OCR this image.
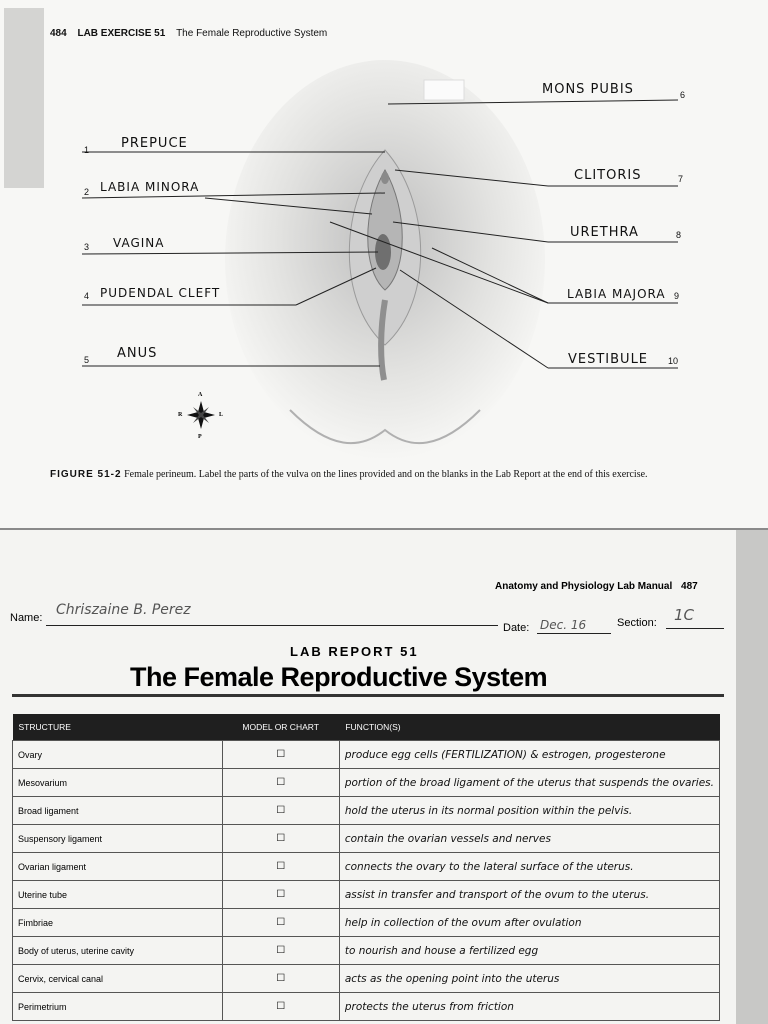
484 LAB EXERCISE 51 The Female Reproductive System
A
P
R	L
1 PREPUCE
2 LABIA MINORA
3 VAGINA
4 PUDENDAL CLEFT
5 ANUS
MONS PUBIS	6
CLITORIS	7
URETHRA	8
LABIA MAJORA 9
VESTIBULE 10
FIGURE 51-2 Female perineum. Label the parts of the vulva on the lines provided and on the blanks in the Lab Report at the end of this exercise.
Anatomy and Physiology Lab Manual 487
Name: Chriszaine B. Perez
Date: Dec. 16	Section: 1C
LAB REPORT 51
The Female Reproductive System
STRUCTURE	MODEL OR CHART	FUNCTION(S)
Ovary	☐	produce egg cells (FERTILIZATION) & estrogen, progesterone
Mesovarium	☐	portion of the broad ligament of the uterus that suspends the ovaries.
Broad ligament	☐	hold the uterus in its normal position within the pelvis.
Suspensory ligament	☐	contain the ovarian vessels and nerves
Ovarian ligament	☐	connects the ovary to the lateral surface of the uterus.
Uterine tube	☐	assist in transfer and transport of the ovum to the uterus.
Fimbriae	☐	help in collection of the ovum after ovulation
Body of uterus, uterine cavity	☐	to nourish and house a fertilized egg
Cervix, cervical canal	☐	acts as the opening point into the uterus
Perimetrium	☐	protects the uterus from friction
